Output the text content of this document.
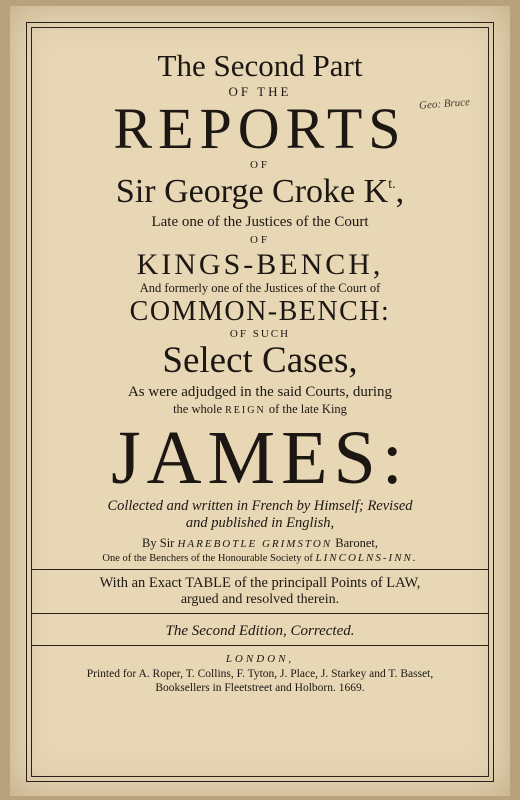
Geo: Bruce
The Second Part
OF THE
REPORTS
OF
Sir George Croke $K^{t.}$,
Late one of the Justices of the Court
OF
KINGS-BENCH,
And formerly one of the Justices of the Court of
COMMON-BENCH:
OF SUCH
Select Cases,
As were adjudged in the said Courts, during
the whole REIGN of the late King
JAMES:
Collected and written in French by Himself; Revised
and published in English,
By Sir HAREBOTLE GRIMSTON Baronet,
One of the Benchers of the Honourable Society of LINCOLNS-INN.
With an Exact TABLE of the principall Points of LAW,
argued and resolved therein.
The Second Edition, Corrected.
LONDON,
Printed for A. Roper, T. Collins, F. Tyton, J. Place, J. Starkey and T. Basset,
Booksellers in Fleetstreet and Holborn. 1669.
